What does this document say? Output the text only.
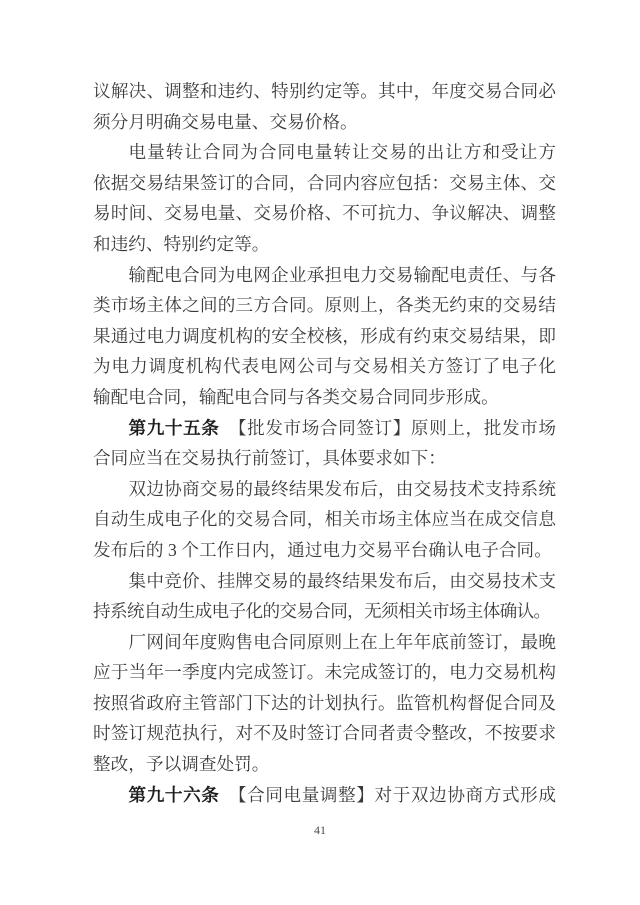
议解决、调整和违约、特别约定等。其中，年度交易合同必
须分月明确交易电量、交易价格。
电量转让合同为合同电量转让交易的出让方和受让方
依据交易结果签订的合同，合同内容应包括：交易主体、交
易时间、交易电量、交易价格、不可抗力、争议解决、调整
和违约、特别约定等。
输配电合同为电网企业承担电力交易输配电责任、与各
类市场主体之间的三方合同。原则上，各类无约束的交易结
果通过电力调度机构的安全校核，形成有约束交易结果，即
为电力调度机构代表电网公司与交易相关方签订了电子化
输配电合同，输配电合同与各类交易合同同步形成。
第九十五条　【批发市场合同签订】原则上，批发市场
合同应当在交易执行前签订，具体要求如下：
双边协商交易的最终结果发布后，由交易技术支持系统
自动生成电子化的交易合同，相关市场主体应当在成交信息
发布后的 3 个工作日内，通过电力交易平台确认电子合同。
集中竞价、挂牌交易的最终结果发布后，由交易技术支
持系统自动生成电子化的交易合同，无须相关市场主体确认。
厂网间年度购售电合同原则上在上年年底前签订，最晚
应于当年一季度内完成签订。未完成签订的，电力交易机构
按照省政府主管部门下达的计划执行。监管机构督促合同及
时签订规范执行，对不及时签订合同者责令整改，不按要求
整改，予以调查处罚。
第九十六条　【合同电量调整】对于双边协商方式形成
41
